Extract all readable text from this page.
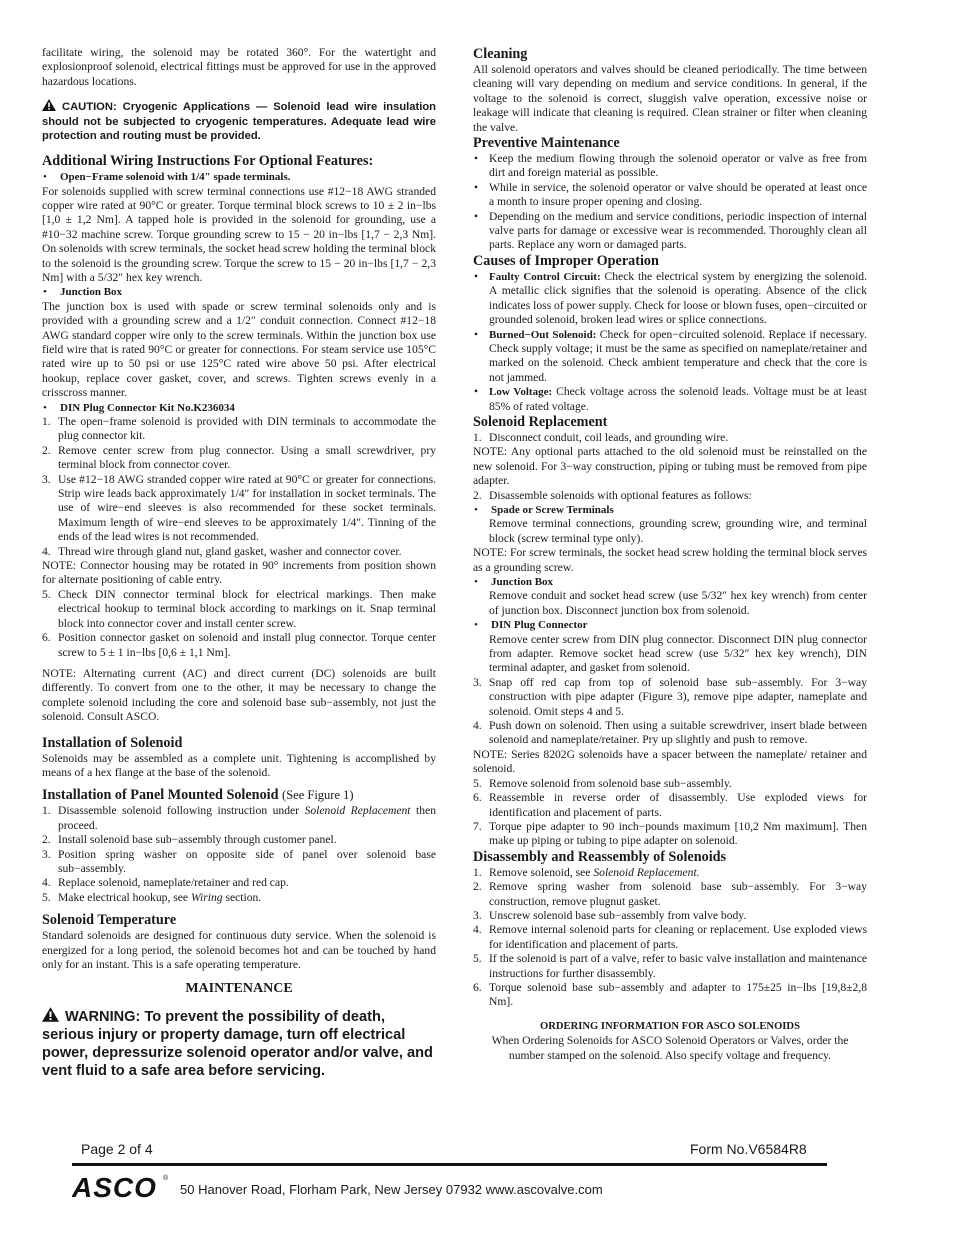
facilitate wiring, the solenoid may be rotated 360°. For the watertight and explosionproof solenoid, electrical fittings must be approved for use in the approved hazardous locations.

CAUTION: Cryogenic Applications — Solenoid lead wire insulation should not be subjected to cryogenic temperatures. Adequate lead wire protection and routing must be provided.

Additional Wiring Instructions For Optional Features:

• Open−Frame solenoid with 1/4″ spade terminals.

For solenoids supplied with screw terminal connections use #12−18 AWG stranded copper wire rated at 90°C or greater. Torque terminal block screws to 10 ± 2 in−lbs [1,0 ± 1,2 Nm]. A tapped hole is provided in the solenoid for grounding, use a #10−32 machine screw. Torque grounding screw to 15 − 20 in−lbs [1,7 − 2,3 Nm]. On solenoids with screw terminals, the socket head screw holding the terminal block to the solenoid is the grounding screw. Torque the screw to 15 − 20 in−lbs [1,7 − 2,3 Nm] with a 5/32″ hex key wrench.

• Junction Box

The junction box is used with spade or screw terminal solenoids only and is provided with a grounding screw and a 1/2″ conduit connection. Connect #12−18 AWG standard copper wire only to the screw terminals. Within the junction box use field wire that is rated 90°C or greater for connections. For steam service use 105°C rated wire up to 50 psi or use 125°C rated wire above 50 psi. After electrical hookup, replace cover gasket, cover, and screws. Tighten screws evenly in a crisscross manner.

• DIN Plug Connector Kit No.K236034

1. The open−frame solenoid is provided with DIN terminals to accommodate the plug connector kit.
2. Remove center screw from plug connector. Using a small screwdriver, pry terminal block from connector cover.
3. Use #12−18 AWG stranded copper wire rated at 90°C or greater for connections. Strip wire leads back approximately 1/4″ for installation in socket terminals. The use of wire−end sleeves is also recommended for these socket terminals. Maximum length of wire−end sleeves to be approximately 1/4″. Tinning of the ends of the lead wires is not recommended.
4. Thread wire through gland nut, gland gasket, washer and connector cover.

NOTE: Connector housing may be rotated in 90° increments from position shown for alternate positioning of cable entry.

5. Check DIN connector terminal block for electrical markings. Then make electrical hookup to terminal block according to markings on it. Snap terminal block into connector cover and install center screw.
6. Position connector gasket on solenoid and install plug connector. Torque center screw to 5 ± 1 in−lbs [0,6 ± 1,1 Nm].

NOTE: Alternating current (AC) and direct current (DC) solenoids are built differently. To convert from one to the other, it may be necessary to change the complete solenoid including the core and solenoid base sub−assembly, not just the solenoid. Consult ASCO.

Installation of Solenoid

Solenoids may be assembled as a complete unit. Tightening is accomplished by means of a hex flange at the base of the solenoid.

Installation of Panel Mounted Solenoid (See Figure 1)
1. Disassemble solenoid following instruction under Solenoid Replacement then proceed.
2. Install solenoid base sub−assembly through customer panel.
3. Position spring washer on opposite side of panel over solenoid base sub−assembly.
4. Replace solenoid, nameplate/retainer and red cap.
5. Make electrical hookup, see Wiring section.
Solenoid Temperature

Standard solenoids are designed for continuous duty service. When the solenoid is energized for a long period, the solenoid becomes hot and can be touched by hand only for an instant. This is a safe operating temperature.

MAINTENANCE

WARNING: To prevent the possibility of death, serious injury or property damage, turn off electrical power, depressurize solenoid operator and/or valve, and vent fluid to a safe area before servicing.

Cleaning

All solenoid operators and valves should be cleaned periodically. The time between cleaning will vary depending on medium and service conditions. In general, if the voltage to the solenoid is correct, sluggish valve operation, excessive noise or leakage will indicate that cleaning is required. Clean strainer or filter when cleaning the valve.

Preventive Maintenance
• Keep the medium flowing through the solenoid operator or valve as free from dirt and foreign material as possible.
• While in service, the solenoid operator or valve should be operated at least once a month to insure proper opening and closing.
• Depending on the medium and service conditions, periodic inspection of internal valve parts for damage or excessive wear is recommended. Thoroughly clean all parts. Replace any worn or damaged parts.
Causes of Improper Operation
• Faulty Control Circuit: Check the electrical system by energizing the solenoid. A metallic click signifies that the solenoid is operating. Absence of the click indicates loss of power supply. Check for loose or blown fuses, open−circuited or grounded solenoid, broken lead wires or splice connections.
• Burned−Out Solenoid: Check for open−circuited solenoid. Replace if necessary. Check supply voltage; it must be the same as specified on nameplate/retainer and marked on the solenoid. Check ambient temperature and check that the core is not jammed.
• Low Voltage: Check voltage across the solenoid leads. Voltage must be at least 85% of rated voltage.
Solenoid Replacement
1. Disconnect conduit, coil leads, and grounding wire.

NOTE: Any optional parts attached to the old solenoid must be reinstalled on the new solenoid. For 3−way construction, piping or tubing must be removed from pipe adapter.

2. Disassemble solenoids with optional features as follows:

• Spade or Screw Terminals

Remove terminal connections, grounding screw, grounding wire, and terminal block (screw terminal type only).

NOTE: For screw terminals, the socket head screw holding the terminal block serves as a grounding screw.

• Junction Box

Remove conduit and socket head screw (use 5/32″ hex key wrench) from center of junction box. Disconnect junction box from solenoid.

• DIN Plug Connector

Remove center screw from DIN plug connector. Disconnect DIN plug connector from adapter. Remove socket head screw (use 5/32″ hex key wrench), DIN terminal adapter, and gasket from solenoid.

3. Snap off red cap from top of solenoid base sub−assembly. For 3−way construction with pipe adapter (Figure 3), remove pipe adapter, nameplate and solenoid. Omit steps 4 and 5.
4. Push down on solenoid. Then using a suitable screwdriver, insert blade between solenoid and nameplate/retainer. Pry up slightly and push to remove.

NOTE: Series 8202G solenoids have a spacer between the nameplate/ retainer and solenoid.

5. Remove solenoid from solenoid base sub−assembly.
6. Reassemble in reverse order of disassembly. Use exploded views for identification and placement of parts.
7. Torque pipe adapter to 90 inch−pounds maximum [10,2 Nm maximum]. Then make up piping or tubing to pipe adapter on solenoid.
Disassembly and Reassembly of Solenoids
1. Remove solenoid, see Solenoid Replacement.
2. Remove spring washer from solenoid base sub−assembly. For 3−way construction, remove plugnut gasket.
3. Unscrew solenoid base sub−assembly from valve body.
4. Remove internal solenoid parts for cleaning or replacement. Use exploded views for identification and placement of parts.
5. If the solenoid is part of a valve, refer to basic valve installation and maintenance instructions for further disassembly.
6. Torque solenoid base sub−assembly and adapter to 175±25 in−lbs [19,8±2,8 Nm].

ORDERING INFORMATION FOR ASCO SOLENOIDS

When Ordering Solenoids for ASCO Solenoid Operators or Valves, order the number stamped on the solenoid. Also specify voltage and frequency.

Page 2 of 4	Form No.V6584R8
ASCO ®
50 Hanover Road, Florham Park, New Jersey 07932 www.ascovalve.com
